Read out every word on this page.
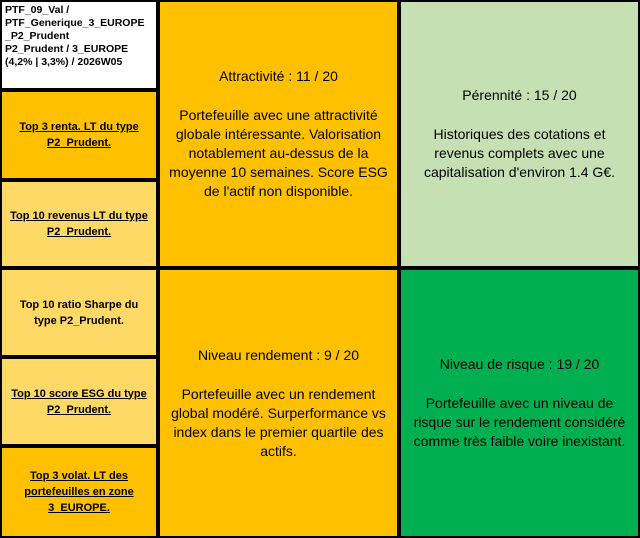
PTF_09_Val /
PTF_Generique_3_EUROPE
_P2_Prudent
P2_Prudent / 3_EUROPE
(4,2% | 3,3%) / 2026W05
Top 3 renta. LT du type P2_Prudent.
Top 10 revenus LT du type P2_Prudent.
Top 10 ratio Sharpe du type P2_Prudent.
Top 10 score ESG du type P2_Prudent.
Top 3 volat. LT des portefeuilles en zone 3_EUROPE.
Attractivité : 11 / 20
Portefeuille avec une attractivité globale intéressante. Valorisation notablement au-dessus de la moyenne 10 semaines. Score ESG de l'actif non disponible.
Pérennité : 15 / 20
Historiques des cotations et revenus complets avec une capitalisation d'environ 1.4 G€.
Niveau rendement : 9 / 20
Portefeuille avec un rendement global modéré. Surperformance vs index dans le premier quartile des actifs.
Niveau de risque : 19 / 20
Portefeuille avec un niveau de risque sur le rendement considéré comme très faible voire inexistant.
